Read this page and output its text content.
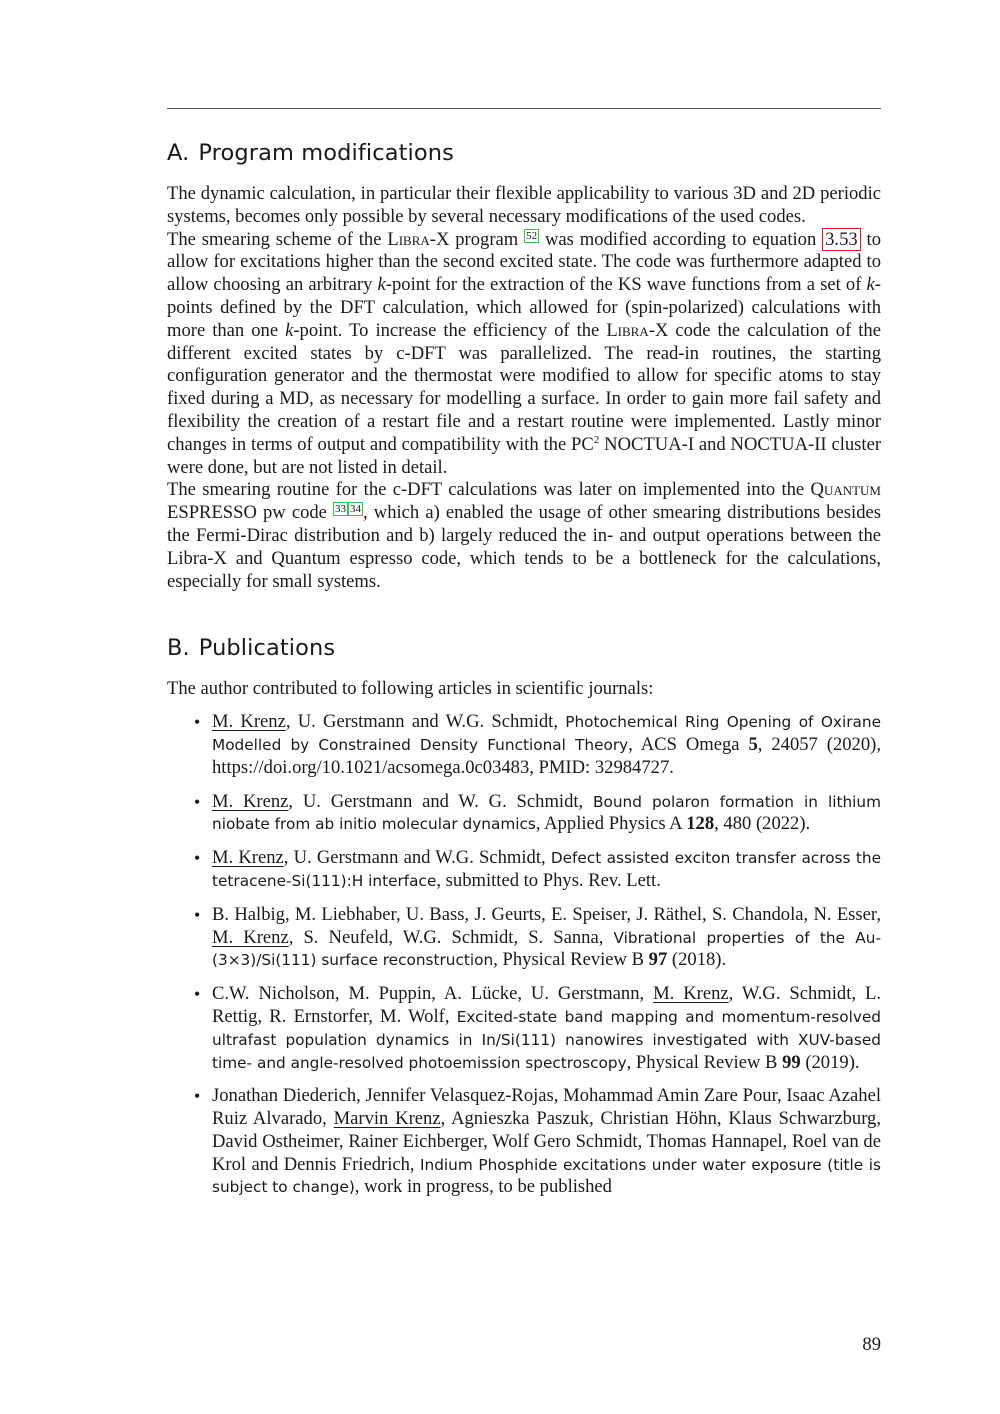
A. Program modifications

The dynamic calculation, in particular their flexible applicability to various 3D and 2D periodic systems, becomes only possible by several necessary modifications of the used codes.

The smearing scheme of the Libra-X program $^{52}$ was modified according to equation 3.53 to allow for excitations higher than the second excited state. The code was furthermore adapted to allow choosing an arbitrary k-point for the extraction of the KS wave functions from a set of k-points defined by the DFT calculation, which allowed for (spin-polarized) calculations with more than one k-point. To increase the efficiency of the Libra-X code the calculation of the different excited states by c-DFT was parallelized. The read-in routines, the starting configuration generator and the thermostat were modified to allow for specific atoms to stay fixed during a MD, as necessary for modelling a surface. In order to gain more fail safety and flexibility the creation of a restart file and a restart routine were implemented. Lastly minor changes in terms of output and compatibility with the $PC^2$ NOCTUA-I and NOCTUA-II cluster were done, but are not listed in detail.

The smearing routine for the c-DFT calculations was later on implemented into the Quantum ESPRESSO pw code $^{33}$ $^{34}$ , which a) enabled the usage of other smearing distributions besides the Fermi-Dirac distribution and b) largely reduced the in- and output operations between the Libra-X and Quantum espresso code, which tends to be a bottleneck for the calculations, especially for small systems.

B. Publications

The author contributed to following articles in scientific journals:

• M. Krenz, U. Gerstmann and W.G. Schmidt, Photochemical Ring Opening of Oxirane Modelled by Constrained Density Functional Theory, ACS Omega 5, 24057 (2020), https://doi.org/10.1021/acsomega.0c03483, PMID: 32984727.
• M. Krenz, U. Gerstmann and W. G. Schmidt, Bound polaron formation in lithium niobate from ab initio molecular dynamics, Applied Physics A 128, 480 (2022).
• M. Krenz, U. Gerstmann and W.G. Schmidt, Defect assisted exciton transfer across the tetracene-Si(111):H interface, submitted to Phys. Rev. Lett.
• B. Halbig, M. Liebhaber, U. Bass, J. Geurts, E. Speiser, J. Räthel, S. Chandola, N. Esser, M. Krenz, S. Neufeld, W.G. Schmidt, S. Sanna, Vibrational properties of the Au-(3×3)/Si(111) surface reconstruction, Physical Review B 97 (2018).
• C.W. Nicholson, M. Puppin, A. Lücke, U. Gerstmann, M. Krenz, W.G. Schmidt, L. Rettig, R. Ernstorfer, M. Wolf, Excited-state band mapping and momentum-resolved ultrafast population dynamics in In/Si(111) nanowires investigated with XUV-based time- and angle-resolved photoemission spectroscopy, Physical Review B 99 (2019).
• Jonathan Diederich, Jennifer Velasquez-Rojas, Mohammad Amin Zare Pour, Isaac Azahel Ruiz Alvarado, Marvin Krenz, Agnieszka Paszuk, Christian Höhn, Klaus Schwarzburg, David Ostheimer, Rainer Eichberger, Wolf Gero Schmidt, Thomas Hannapel, Roel van de Krol and Dennis Friedrich, Indium Phosphide excitations under water exposure (title is subject to change), work in progress, to be published
89
